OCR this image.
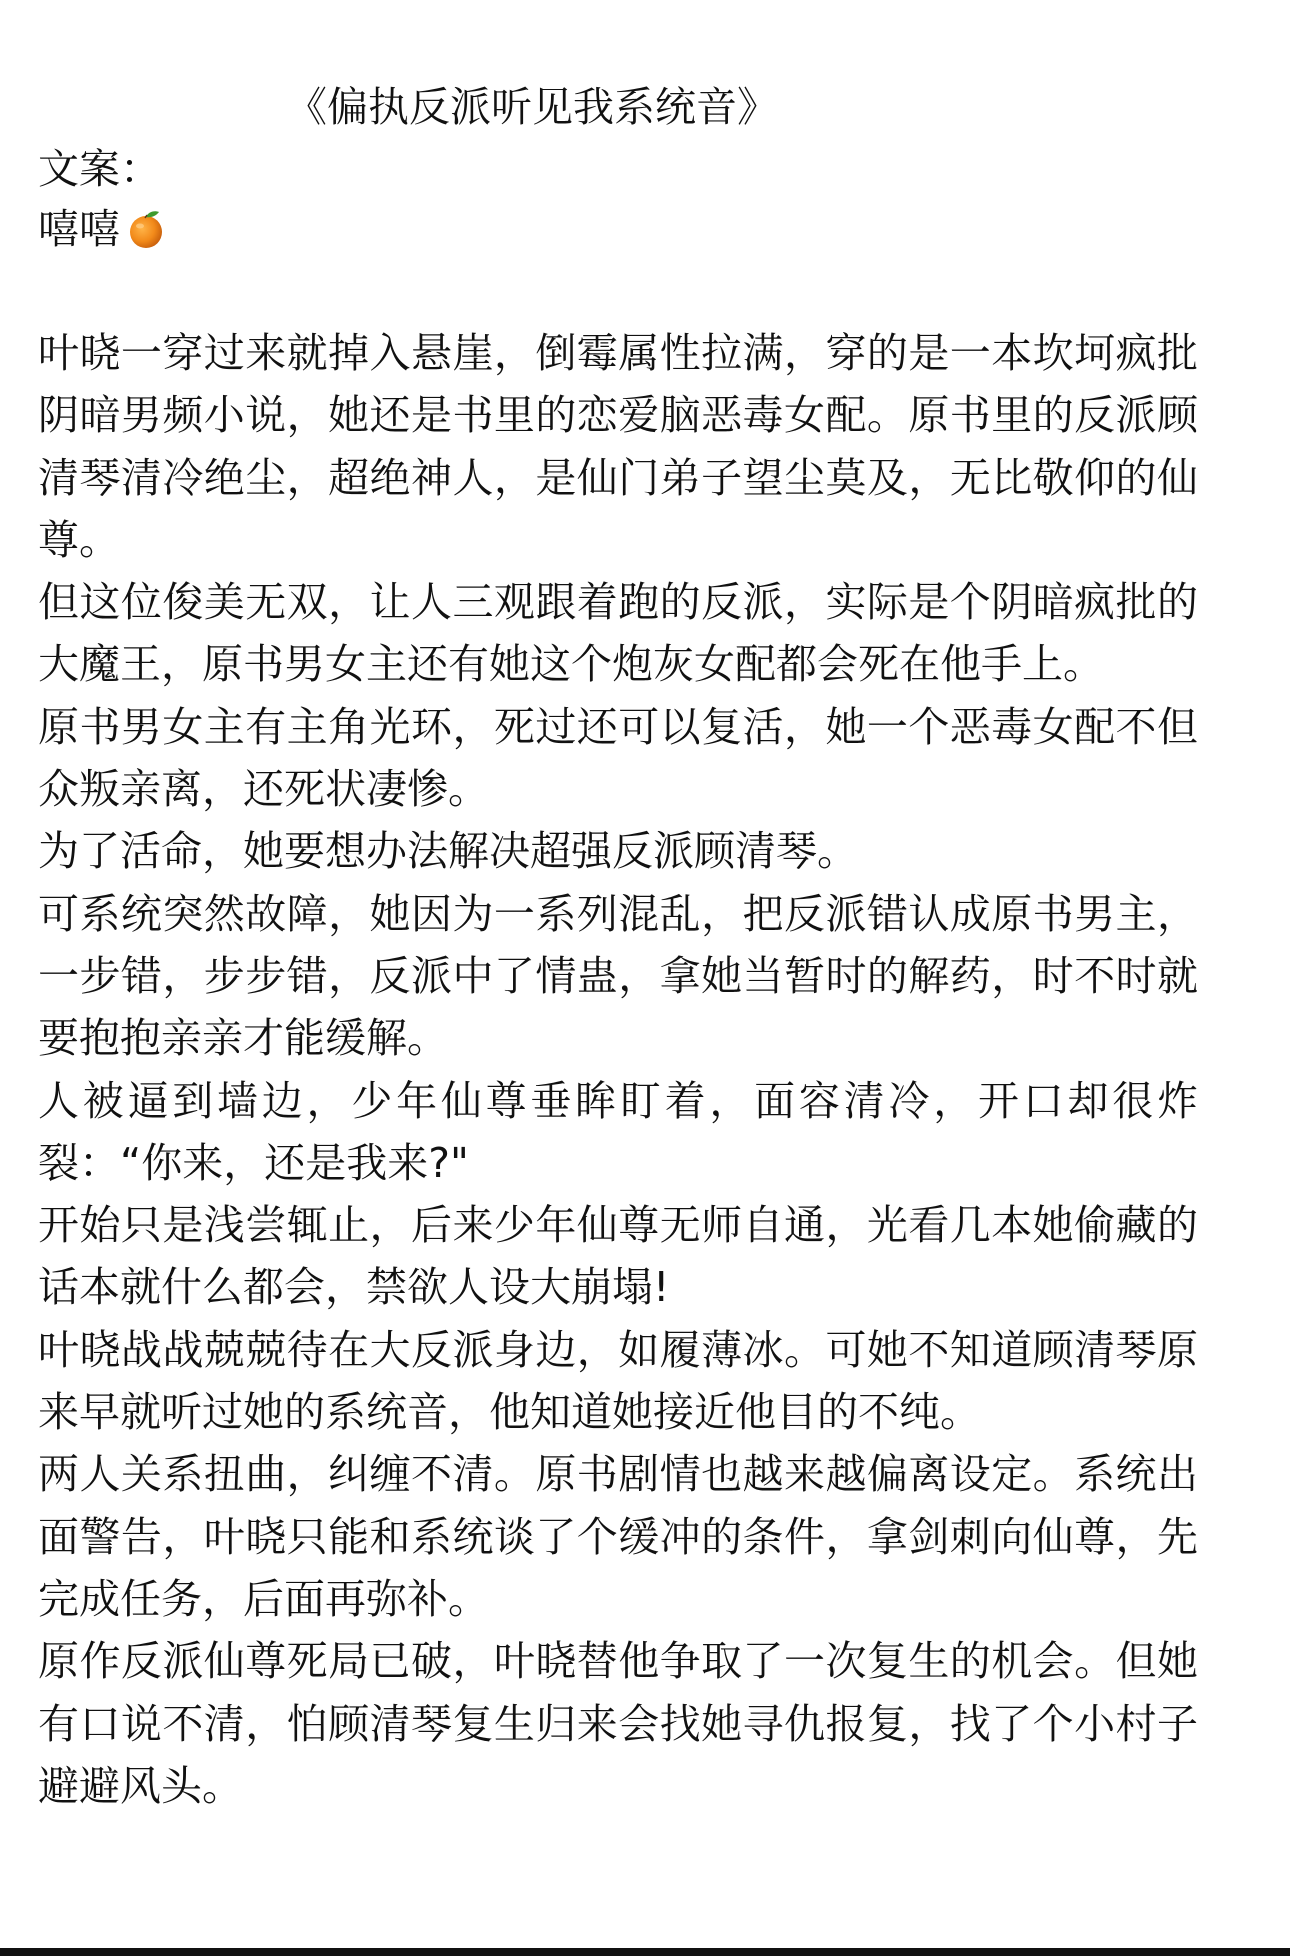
《偏执反派听见我系统音》
文案：
嘻嘻

叶晓一穿过来就掉入悬崖，倒霉属性拉满，穿的是一本坎坷疯批阴暗男频小说，她还是书里的恋爱脑恶毒女配。原书里的反派顾清琴清冷绝尘，超绝神人，是仙门弟子望尘莫及，无比敬仰的仙尊。

但这位俊美无双，让人三观跟着跑的反派，实际是个阴暗疯批的大魔王，原书男女主还有她这个炮灰女配都会死在他手上。

原书男女主有主角光环，死过还可以复活，她一个恶毒女配不但众叛亲离，还死状凄惨。

为了活命，她要想办法解决超强反派顾清琴。

可系统突然故障，她因为一系列混乱，把反派错认成原书男主，一步错，步步错，反派中了情蛊，拿她当暂时的解药，时不时就要抱抱亲亲才能缓解。

人被逼到墙边，少年仙尊垂眸盯着，面容清冷，开口却很炸裂：“你来，还是我来?"

开始只是浅尝辄止，后来少年仙尊无师自通，光看几本她偷藏的话本就什么都会，禁欲人设大崩塌!

叶晓战战兢兢待在大反派身边，如履薄冰。可她不知道顾清琴原来早就听过她的系统音，他知道她接近他目的不纯。

两人关系扭曲，纠缠不清。原书剧情也越来越偏离设定。系统出面警告，叶晓只能和系统谈了个缓冲的条件，拿剑刺向仙尊，先完成任务，后面再弥补。

原作反派仙尊死局已破，叶晓替他争取了一次复生的机会。但她有口说不清，怕顾清琴复生归来会找她寻仇报复，找了个小村子避避风头。
